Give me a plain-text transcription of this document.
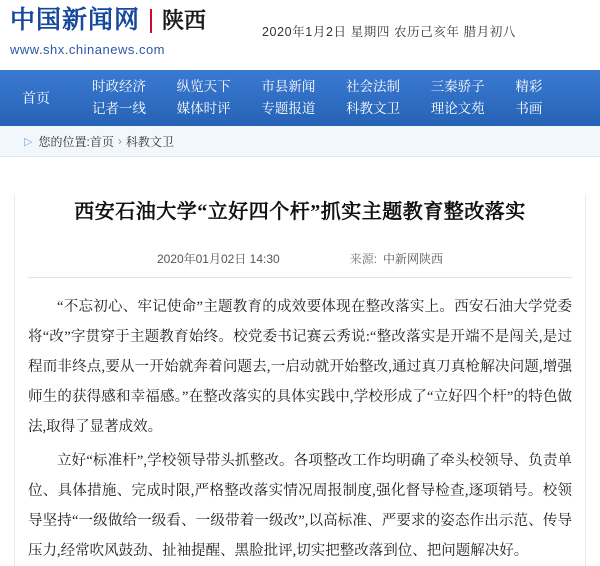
中国新闻网 陕西
www.shx.chinanews.com
2020年1月2日 星期四 农历己亥年 腊月初八
首页
时政经济
记者一线
纵览天下
媒体时评
市县新闻
专题报道
社会法制
科教文卫
三秦骄子
理论文苑
精彩
书画
▷ 您的位置: 首页 › 科教文卫
西安石油大学“立好四个杆”抓实主题教育整改落实
2020年01月02日 14:30	来源: 中新网陕西

“不忘初心、牢记使命”主题教育的成效要体现在整改落实上。西安石油大学党委将“改”字贯穿于主题教育始终。校党委书记赛云秀说:“整改落实是开端不是闯关,是过程而非终点,要从一开始就奔着问题去,一启动就开始整改,通过真刀真枪解决问题,增强师生的获得感和幸福感。”在整改落实的具体实践中,学校形成了“立好四个杆”的特色做法,取得了显著成效。

立好“标准杆”,学校领导带头抓整改。各项整改工作均明确了牵头校领导、负责单位、具体措施、完成时限,严格整改落实情况周报制度,强化督导检查,逐项销号。校领导坚持“一级做给一级看、一级带着一级改”,以高标准、严要求的姿态作出示范、传导压力,经常吹风鼓劲、扯袖提醒、黑脸批评,切实把整改落到位、把问题解决好。
